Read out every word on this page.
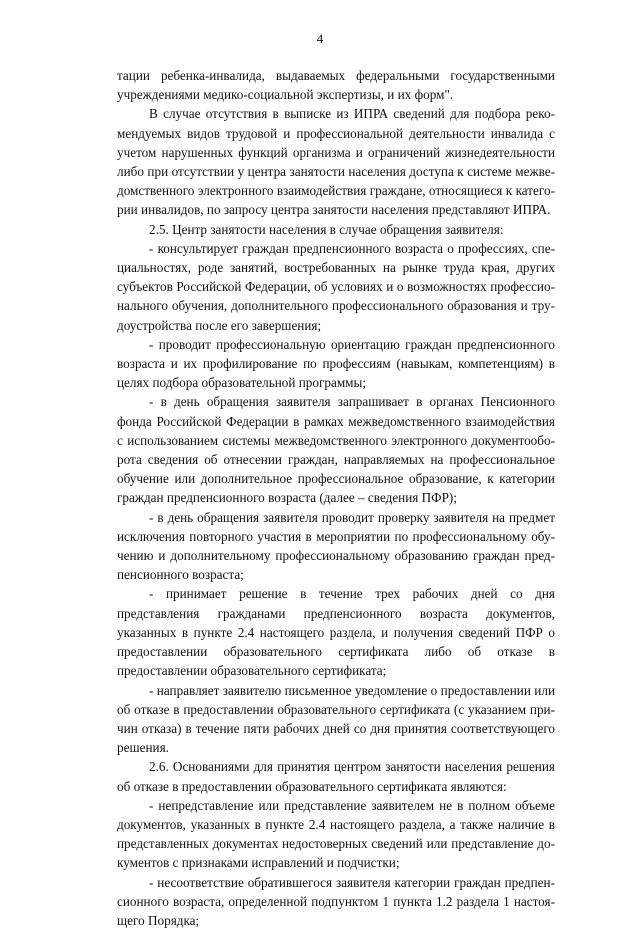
4

тации ребенка-инвалида, выдаваемых федеральными государственными учреждениями медико-социальной экспертизы, и их форм".

В случае отсутствия в выписке из ИПРА сведений для подбора рекомендуемых видов трудовой и профессиональной деятельности инвалида с учетом нарушенных функций организма и ограничений жизнедеятельности либо при отсутствии у центра занятости населения доступа к системе межведомственного электронного взаимодействия граждане, относящиеся к категории инвалидов, по запросу центра занятости населения представляют ИПРА.

2.5. Центр занятости населения в случае обращения заявителя:

- консультирует граждан предпенсионного возраста о профессиях, специальностях, роде занятий, востребованных на рынке труда края, других субъектов Российской Федерации, об условиях и о возможностях профессионального обучения, дополнительного профессионального образования и трудоустройства после его завершения;

- проводит профессиональную ориентацию граждан предпенсионного возраста и их профилирование по профессиям (навыкам, компетенциям) в целях подбора образовательной программы;

- в день обращения заявителя запрашивает в органах Пенсионного фонда Российской Федерации в рамках межведомственного взаимодействия с использованием системы межведомственного электронного документооборота сведения об отнесении граждан, направляемых на профессиональное обучение или дополнительное профессиональное образование, к категории граждан предпенсионного возраста (далее – сведения ПФР);

- в день обращения заявителя проводит проверку заявителя на предмет исключения повторного участия в мероприятии по профессиональному обучению и дополнительному профессиональному образованию граждан предпенсионного возраста;

- принимает решение в течение трех рабочих дней со дня представления гражданами предпенсионного возраста документов, указанных в пункте 2.4 настоящего раздела, и получения сведений ПФР о предоставлении образовательного сертификата либо об отказе в предоставлении образовательного сертификата;

- направляет заявителю письменное уведомление о предоставлении или об отказе в предоставлении образовательного сертификата (с указанием причин отказа) в течение пяти рабочих дней со дня принятия соответствующего решения.

2.6. Основаниями для принятия центром занятости населения решения об отказе в предоставлении образовательного сертификата являются:

- непредставление или представление заявителем не в полном объеме документов, указанных в пункте 2.4 настоящего раздела, а также наличие в представленных документах недостоверных сведений или представление документов с признаками исправлений и подчистки;

- несоответствие обратившегося заявителя категории граждан предпенсионного возраста, определенной подпунктом 1 пункта 1.2 раздела 1 настоящего Порядка;
